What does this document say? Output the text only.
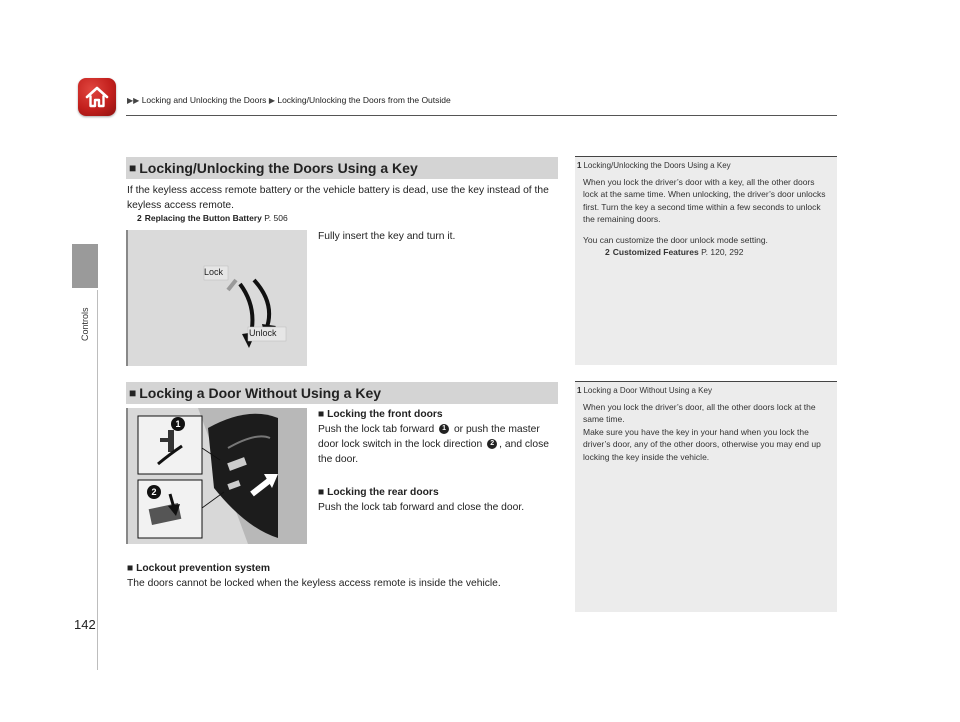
▶▶ Locking and Unlocking the Doors ▶ Locking/Unlocking the Doors from the Outside
Controls
■ Locking/Unlocking the Doors Using a Key
If the keyless access remote battery or the vehicle battery is dead, use the key instead of the keyless access remote.
2 Replacing the Button Battery P. 506
Fully insert the key and turn it.
Lock
Unlock
1 Locking/Unlocking the Doors Using a Key
When you lock the driver’s door with a key, all the other doors lock at the same time. When unlocking, the driver’s door unlocks first. Turn the key a second time within a few seconds to unlock the remaining doors.
You can customize the door unlock mode setting.
2 Customized Features P. 120, 292
■ Locking a Door Without Using a Key
1
2
■ Locking the front doors
Push the lock tab forward 1 or push the master door lock switch in the lock direction 2 , and close the door.
■ Locking the rear doors
Push the lock tab forward and close the door.
■ Lockout prevention system
The doors cannot be locked when the keyless access remote is inside the vehicle.
1 Locking a Door Without Using a Key
When you lock the driver’s door, all the other doors lock at the same time.
Make sure you have the key in your hand when you lock the driver’s door, any of the other doors, otherwise you may end up locking the key inside the vehicle.
142
